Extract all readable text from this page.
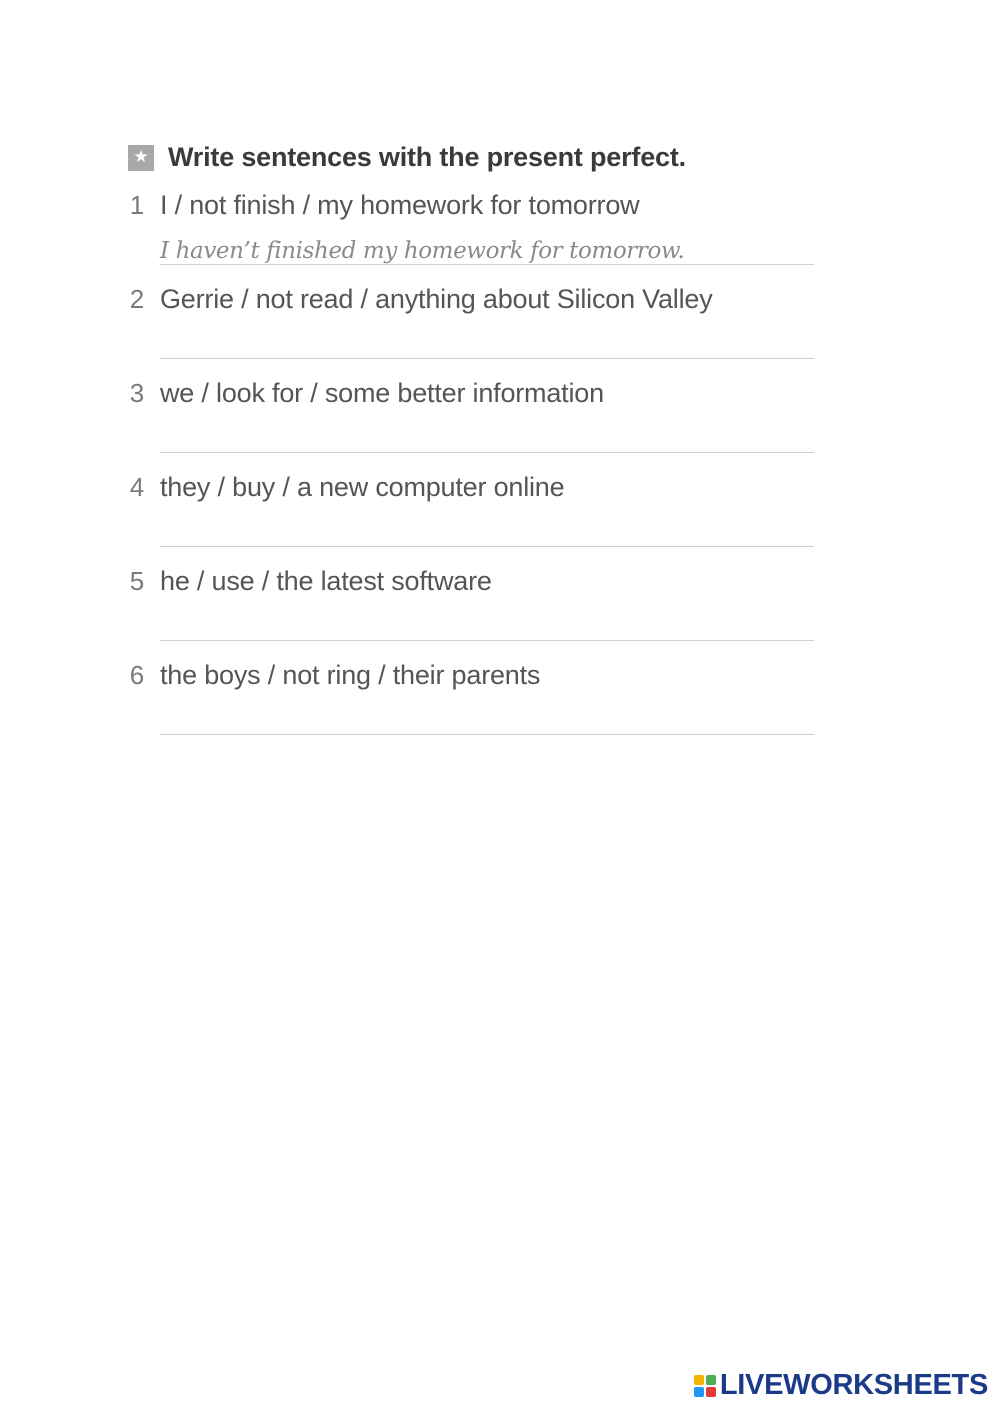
★ Write sentences with the present perfect.
1 I / not finish / my homework for tomorrow
I haven’t finished my homework for tomorrow.
2 Gerrie / not read / anything about Silicon Valley
3 we / look for / some better information
4 they / buy / a new computer online
5 he / use / the latest software
6 the boys / not ring / their parents
LIVEWORKSHEETS
